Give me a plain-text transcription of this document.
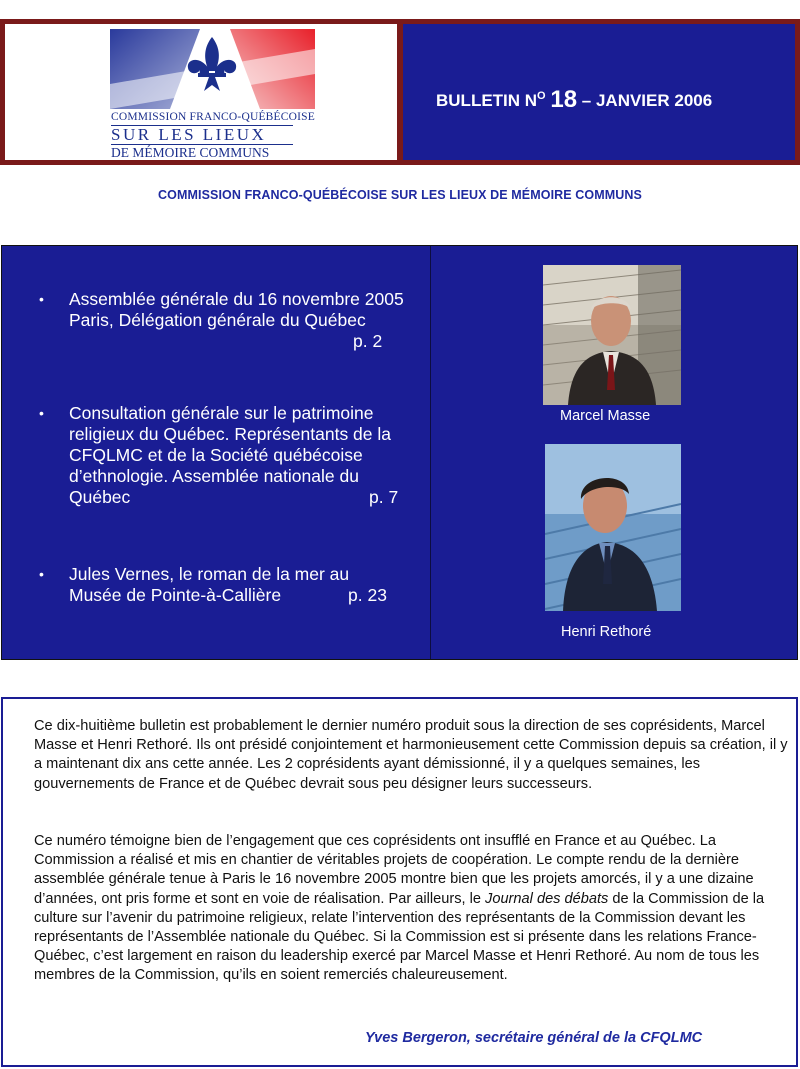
COMMISSION FRANCO-QUÉBÉCOISE
SUR LES LIEUX
DE MÉMOIRE COMMUNS
BULLETIN $N^O$ 18 – JANVIER 2006
COMMISSION FRANCO-QUÉBÉCOISE SUR LES LIEUX DE MÉMOIRE COMMUNS
• Assemblée générale du 16 novembre 2005 Paris, Délégation générale du Québec
p. 2
• Consultation générale sur le patrimoine religieux du Québec. Représentants de la CFQLMC et de la Société québécoise d’ethnologie. Assemblée nationale du Québec	p. 7
• Jules Vernes, le roman de la mer au Musée de Pointe-à-Callière	p. 23
Marcel Masse
Henri Rethoré
Ce dix-huitième bulletin est probablement le dernier numéro produit sous la direction de ses coprésidents, Marcel Masse et Henri Rethoré. Ils ont présidé conjointement et harmonieusement cette Commission depuis sa création, il y a maintenant dix ans cette année. Les 2 coprésidents ayant démissionné, il y a quelques semaines, les gouvernements de France et de Québec devrait sous peu désigner leurs successeurs.
Ce numéro témoigne bien de l’engagement que ces coprésidents ont insufflé en France et au Québec. La Commission a réalisé et mis en chantier de véritables projets de coopération. Le compte rendu de la dernière assemblée générale tenue à Paris le 16 novembre 2005 montre bien que les projets amorcés, il y a une dizaine d’années, ont pris forme et sont en voie de réalisation. Par ailleurs, le Journal des débats de la Commission de la culture sur l’avenir du patrimoine religieux, relate l’intervention des représentants de la Commission devant les représentants de l’Assemblée nationale du Québec. Si la Commission est si présente dans les relations France-Québec, c’est largement en raison du leadership exercé par Marcel Masse et Henri Rethoré. Au nom de tous les membres de la Commission, qu’ils en soient remerciés chaleureusement.
Yves Bergeron, secrétaire général de la CFQLMC
